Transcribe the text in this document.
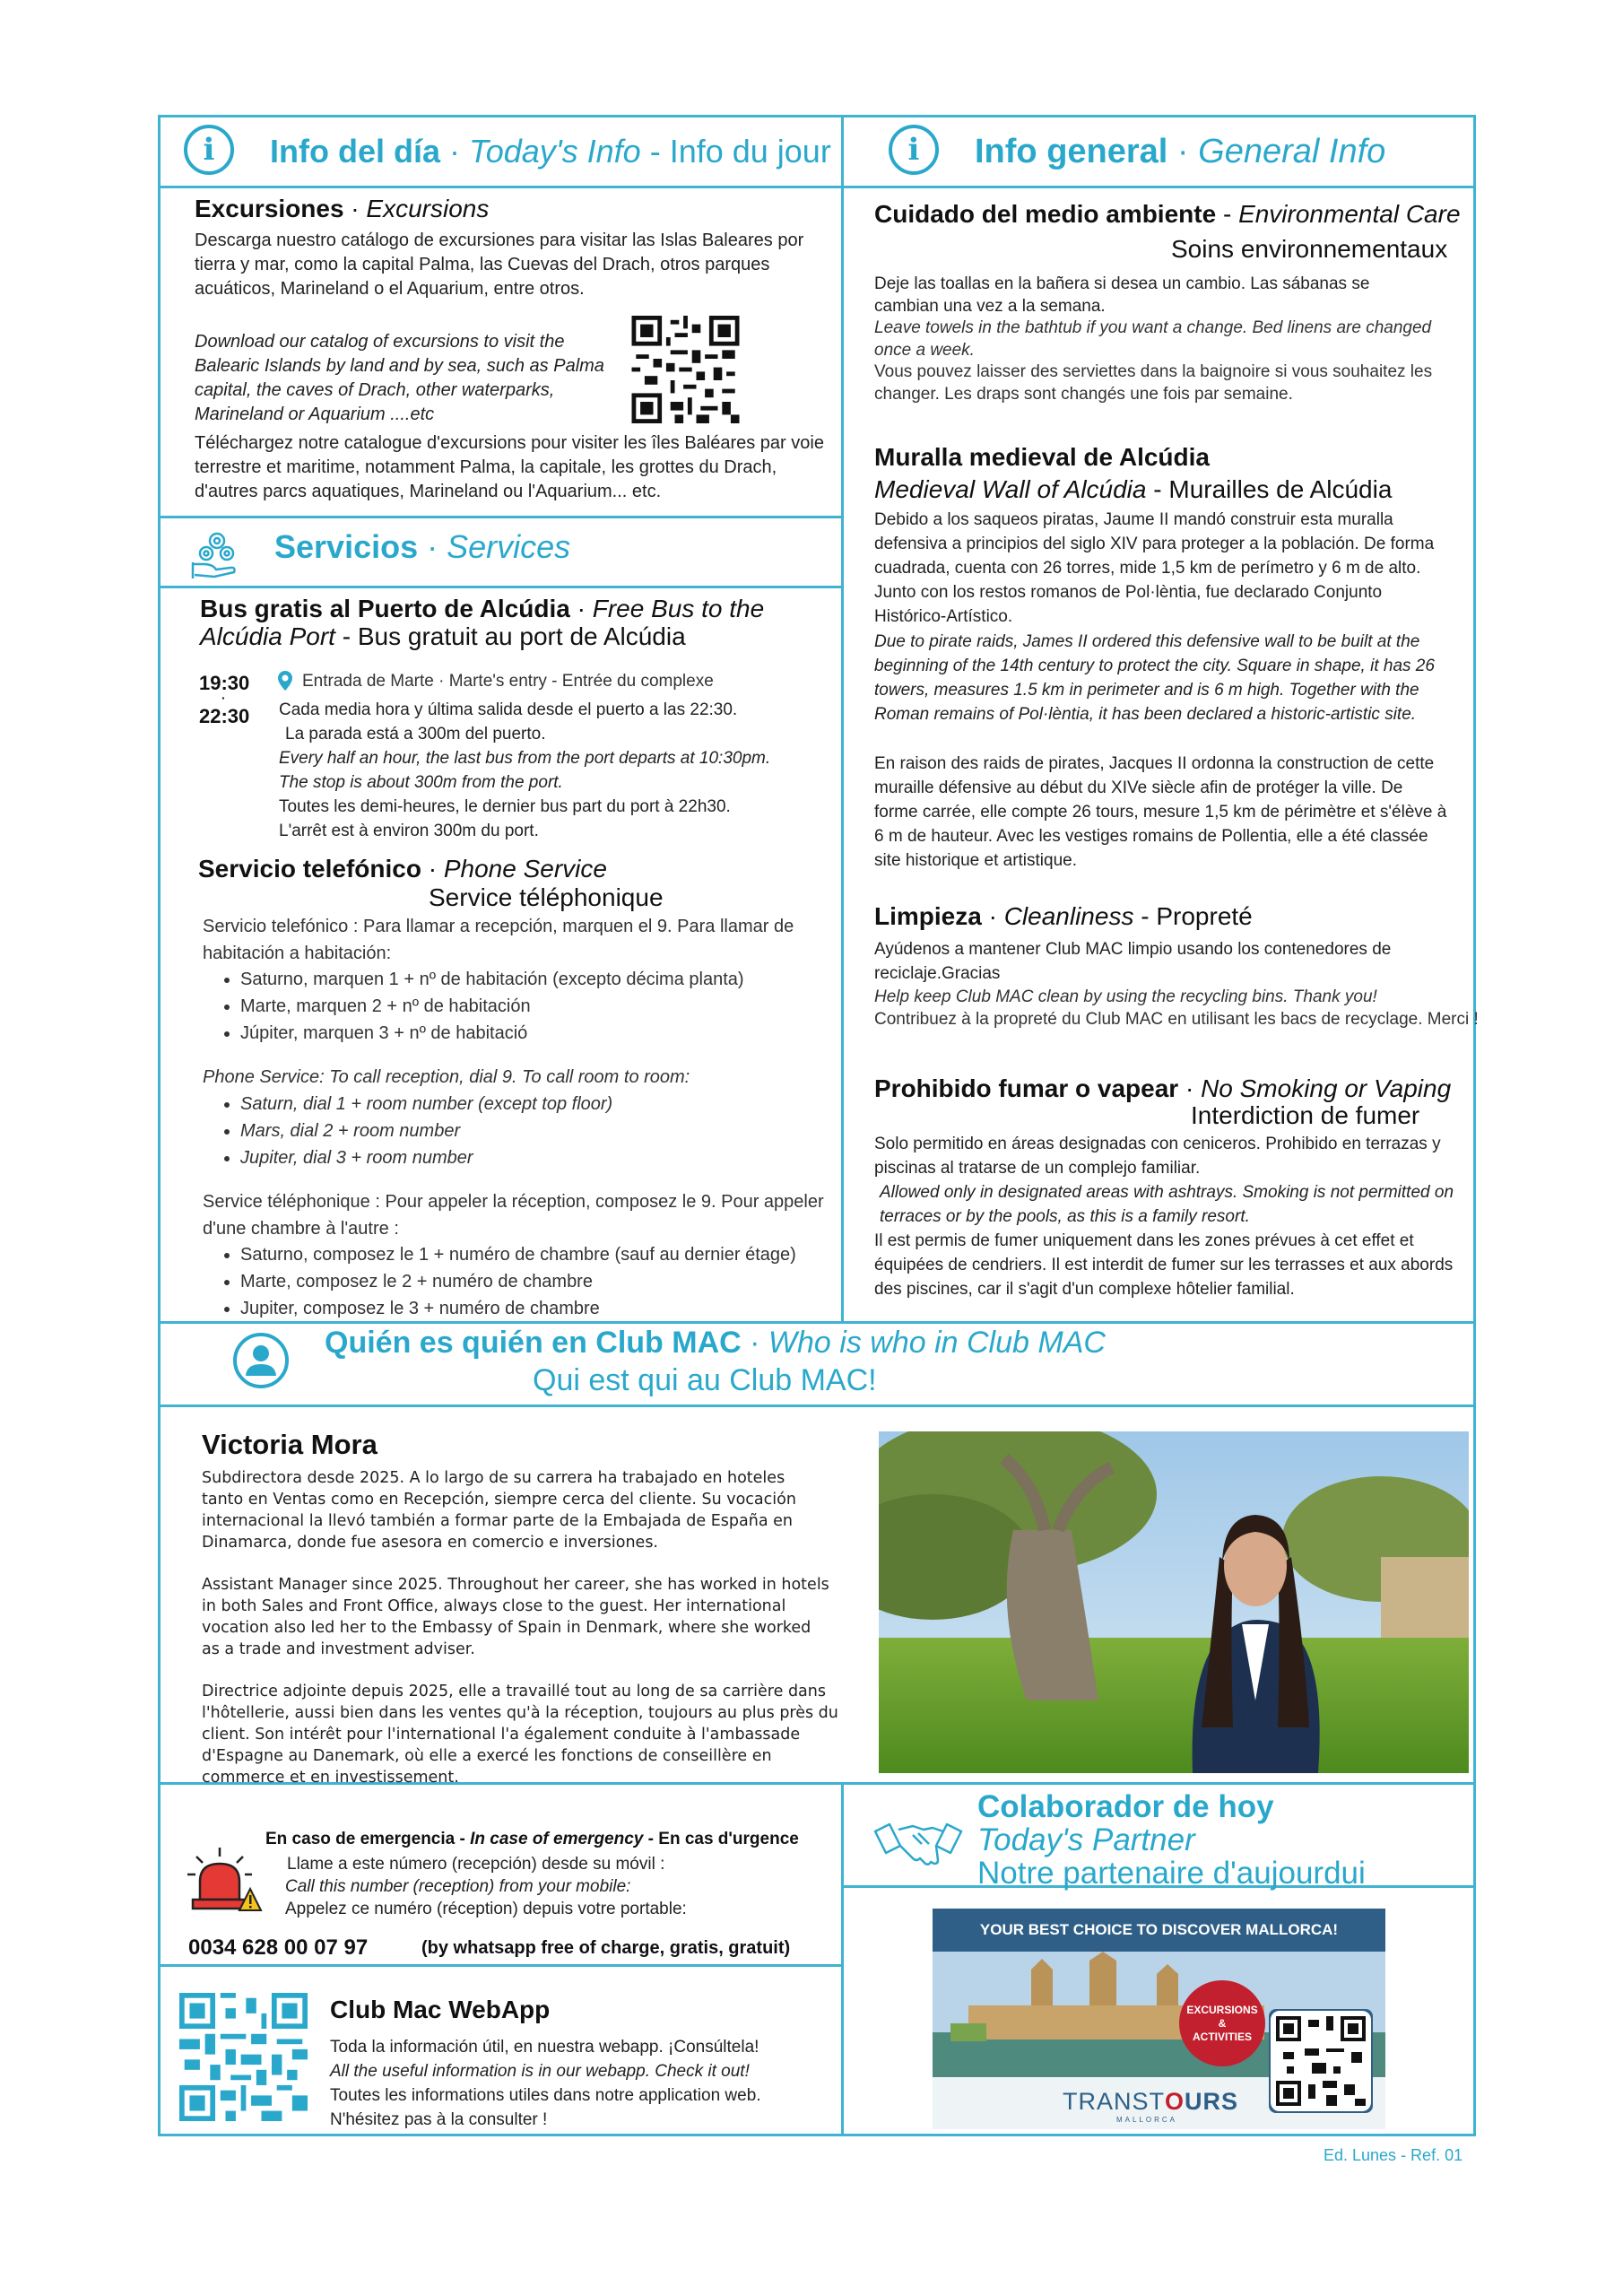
i	Info del día · Today's Info - Info du jour
Excursiones · Excursions
Descarga nuestro catálogo de excursiones para visitar las Islas Baleares por tierra y mar, como la capital Palma, las Cuevas del Drach, otros parques acuáticos, Marineland o el Aquarium, entre otros.
Download our catalog of excursions to visit the Balearic Islands by land and by sea, such as Palma capital, the caves of Drach, other waterparks, Marineland or Aquarium ....etc
Téléchargez notre catalogue d'excursions pour visiter les îles Baléares par voie terrestre et maritime, notamment Palma, la capitale, les grottes du Drach, d'autres parcs aquatiques, Marineland ou l'Aquarium... etc.
Servicios · Services
Bus gratis al Puerto de Alcúdia · Free Bus to the Alcúdia Port - Bus gratuit au port de Alcúdia
19:30
·
22:30
Entrada de Marte · Marte's entry - Entrée du complexe
Cada media hora y última salida desde el puerto a las 22:30.
La parada está a 300m del puerto.
Every half an hour, the last bus from the port departs at 10:30pm.
The stop is about 300m from the port.
Toutes les demi-heures, le dernier bus part du port à 22h30.
L'arrêt est à environ 300m du port.
Servicio telefónico · Phone Service
Service téléphonique
Servicio telefónico : Para llamar a recepción, marquen el 9. Para llamar de habitación a habitación:
• Saturno, marquen 1 + nº de habitación (excepto décima planta)
• Marte, marquen 2 + nº de habitación
• Júpiter, marquen 3 + nº de habitació
Phone Service: To call reception, dial 9. To call room to room:
• Saturn, dial 1 + room number (except top floor)
• Mars, dial 2 + room number
• Jupiter, dial 3 + room number
Service téléphonique : Pour appeler la réception, composez le 9. Pour appeler d'une chambre à l'autre :
• Saturno, composez le 1 + numéro de chambre (sauf au dernier étage)
• Marte, composez le 2 + numéro de chambre
• Jupiter, composez le 3 + numéro de chambre
i	Info general · General Info
Cuidado del medio ambiente - Environmental Care
Soins environnementaux
Deje las toallas en la bañera si desea un cambio. Las sábanas se cambian una vez a la semana.
Leave towels in the bathtub if you want a change. Bed linens are changed once a week.
Vous pouvez laisser des serviettes dans la baignoire si vous souhaitez les changer. Les draps sont changés une fois par semaine.
Muralla medieval de Alcúdia
Medieval Wall of Alcúdia - Murailles de Alcúdia
Debido a los saqueos piratas, Jaume II mandó construir esta muralla defensiva a principios del siglo XIV para proteger a la población. De forma cuadrada, cuenta con 26 torres, mide 1,5 km de perímetro y 6 m de alto. Junto con los restos romanos de Pol·lèntia, fue declarado Conjunto Histórico-Artístico.
Due to pirate raids, James II ordered this defensive wall to be built at the beginning of the 14th century to protect the city. Square in shape, it has 26 towers, measures 1.5 km in perimeter and is 6 m high. Together with the Roman remains of Pol·lèntia, it has been declared a historic-artistic site.
En raison des raids de pirates, Jacques II ordonna la construction de cette muraille défensive au début du XIVe siècle afin de protéger la ville. De forme carrée, elle compte 26 tours, mesure 1,5 km de périmètre et s'élève à 6 m de hauteur. Avec les vestiges romains de Pollentia, elle a été classée site historique et artistique.
Limpieza · Cleanliness - Propreté
Ayúdenos a mantener Club MAC limpio usando los contenedores de reciclaje.Gracias
Help keep Club MAC clean by using the recycling bins. Thank you!
Contribuez à la propreté du Club MAC en utilisant les bacs de recyclage. Merci !
Prohibido fumar o vapear · No Smoking or Vaping
Interdiction de fumer
Solo permitido en áreas designadas con ceniceros. Prohibido en terrazas y piscinas al tratarse de un complejo familiar.
Allowed only in designated areas with ashtrays. Smoking is not permitted on terraces or by the pools, as this is a family resort.
Il est permis de fumer uniquement dans les zones prévues à cet effet et équipées de cendriers. Il est interdit de fumer sur les terrasses et aux abords des piscines, car il s'agit d'un complexe hôtelier familial.
Quién es quién en Club MAC · Who is who in Club MAC
Qui est qui au Club MAC!
Victoria Mora
Subdirectora desde 2025. A lo largo de su carrera ha trabajado en hoteles tanto en Ventas como en Recepción, siempre cerca del cliente. Su vocación internacional la llevó también a formar parte de la Embajada de España en Dinamarca, donde fue asesora en comercio e inversiones.
Assistant Manager since 2025. Throughout her career, she has worked in hotels in both Sales and Front Office, always close to the guest. Her international vocation also led her to the Embassy of Spain in Denmark, where she worked as a trade and investment adviser.
Directrice adjointe depuis 2025, elle a travaillé tout au long de sa carrière dans l'hôtellerie, aussi bien dans les ventes qu'à la réception, toujours au plus près du client. Son intérêt pour l'international l'a également conduite à l'ambassade d'Espagne au Danemark, où elle a exercé les fonctions de conseillère en commerce et en investissement.
En caso de emergencia - In case of emergency - En cas d'urgence
Llame a este número (recepción) desde su móvil :
Call this number (reception) from your mobile:
Appelez ce numéro (réception) depuis votre portable:
0034 628 00 07 97	(by whatsapp free of charge, gratis, gratuit)
Club Mac WebApp
Toda la información útil, en nuestra webapp. ¡Consúltela!
All the useful information is in our webapp. Check it out!
Toutes les informations utiles dans notre application web.
N'hésitez pas à la consulter !
Colaborador de hoy
Today's Partner
Notre partenaire d'aujourdui
YOUR BEST CHOICE TO DISCOVER MALLORCA!
EXCURSIONS
&
ACTIVITIES
TRANSTOURS
MALLORCA
Ed. Lunes - Ref. 01
